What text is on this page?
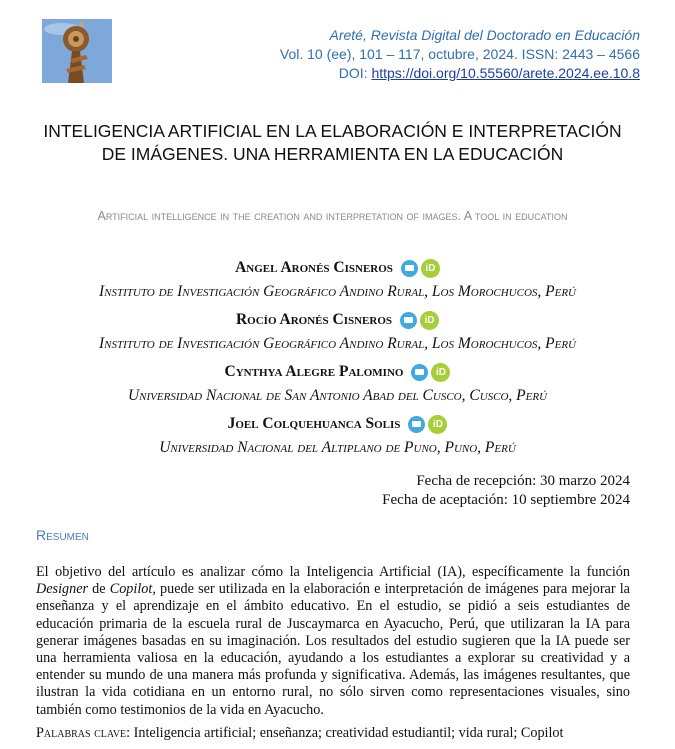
Areté, Revista Digital del Doctorado en Educación
Vol. 10 (ee), 101 – 117, octubre, 2024. ISSN: 2443 – 4566
DOI: https://doi.org/10.55560/arete.2024.ee.10.8
INTELIGENCIA ARTIFICIAL EN LA ELABORACIÓN E INTERPRETACIÓN DE IMÁGENES. UNA HERRAMIENTA EN LA EDUCACIÓN
Artificial intelligence in the creation and interpretation of images. A tool in education
Angel Aronés Cisneros	iD
Instituto de Investigación Geográfico Andino Rural, Los Morochucos, Perú
Rocío Aronés Cisneros	iD
Instituto de Investigación Geográfico Andino Rural, Los Morochucos, Perú
Cynthya Alegre Palomino	iD
Universidad Nacional de San Antonio Abad del Cusco, Cusco, Perú
Joel Colquehuanca Solis	iD
Universidad Nacional del Altiplano de Puno, Puno, Perú
Fecha de recepción: 30 marzo 2024
Fecha de aceptación: 10 septiembre 2024
Resumen
El objetivo del artículo es analizar cómo la Inteligencia Artificial (IA), específicamente la función Designer de Copilot, puede ser utilizada en la elaboración e interpretación de imágenes para mejorar la enseñanza y el aprendizaje en el ámbito educativo. En el estudio, se pidió a seis estudiantes de educación primaria de la escuela rural de Juscaymarca en Ayacucho, Perú, que utilizaran la IA para generar imágenes basadas en su imaginación. Los resultados del estudio sugieren que la IA puede ser una herramienta valiosa en la educación, ayudando a los estudiantes a explorar su creatividad y a entender su mundo de una manera más profunda y significativa. Además, las imágenes resultantes, que ilustran la vida cotidiana en un entorno rural, no sólo sirven como representaciones visuales, sino también como testimonios de la vida en Ayacucho.
Palabras clave: Inteligencia artificial; enseñanza; creatividad estudiantil; vida rural; Copilot
